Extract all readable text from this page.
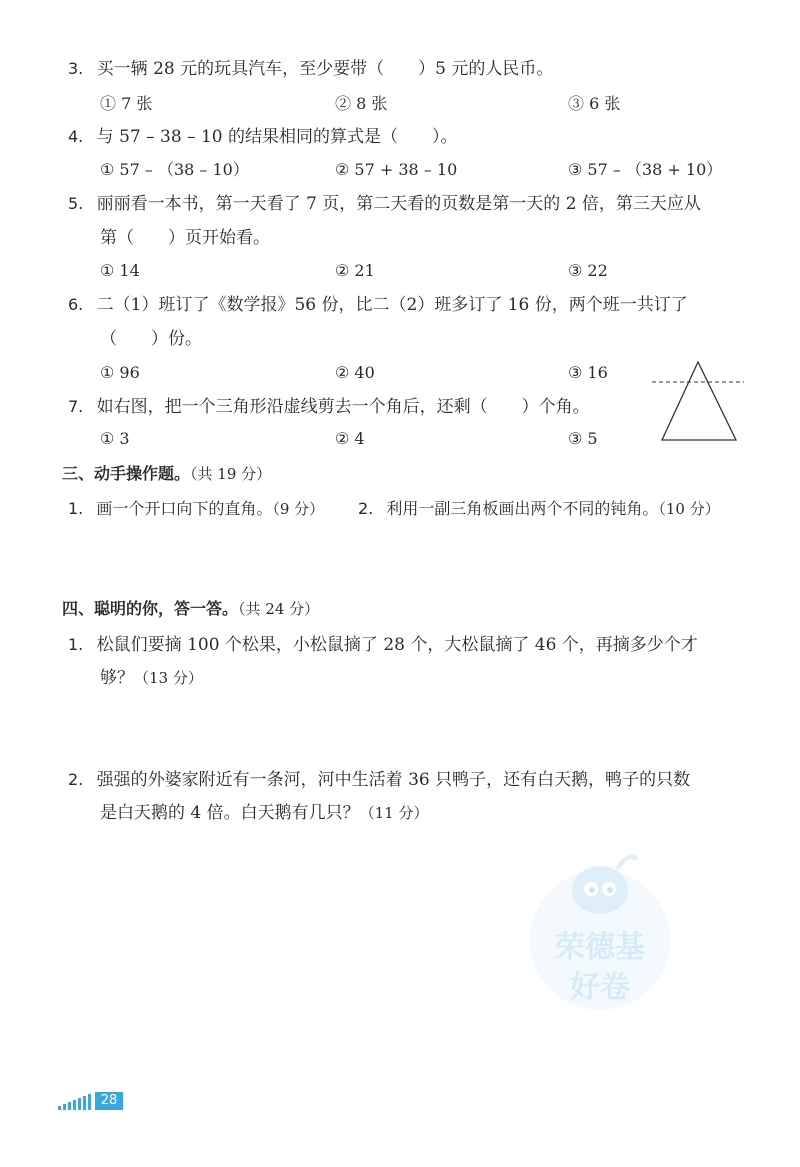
3. 买一辆 28 元的玩具汽车，至少要带（　　）5 元的人民币。
① 7 张	② 8 张	③ 6 张
4. 与 57 – 38 – 10 的结果相同的算式是（　　）。
① 57 – （38 – 10）	② 57 + 38 – 10	③ 57 – （38 + 10）
5. 丽丽看一本书，第一天看了 7 页，第二天看的页数是第一天的 2 倍，第三天应从
第（　　）页开始看。
① 14	② 21	③ 22
6. 二（1）班订了《数学报》56 份，比二（2）班多订了 16 份，两个班一共订了
（　　）份。
① 96	② 40	③ 16
7. 如右图，把一个三角形沿虚线剪去一个角后，还剩（　　）个角。
① 3	② 4	③ 5
三、动手操作题。（共 19 分）
1. 画一个开口向下的直角。（9 分） 2. 利用一副三角板画出两个不同的钝角。（10 分）
四、聪明的你，答一答。（共 24 分）
1. 松鼠们要摘 100 个松果，小松鼠摘了 28 个，大松鼠摘了 46 个，再摘多少个才
够？（13 分）
2. 强强的外婆家附近有一条河，河中生活着 36 只鸭子，还有白天鹅，鸭子的只数
是白天鹅的 4 倍。白天鹅有几只？（11 分）
荣德基
好卷
28
